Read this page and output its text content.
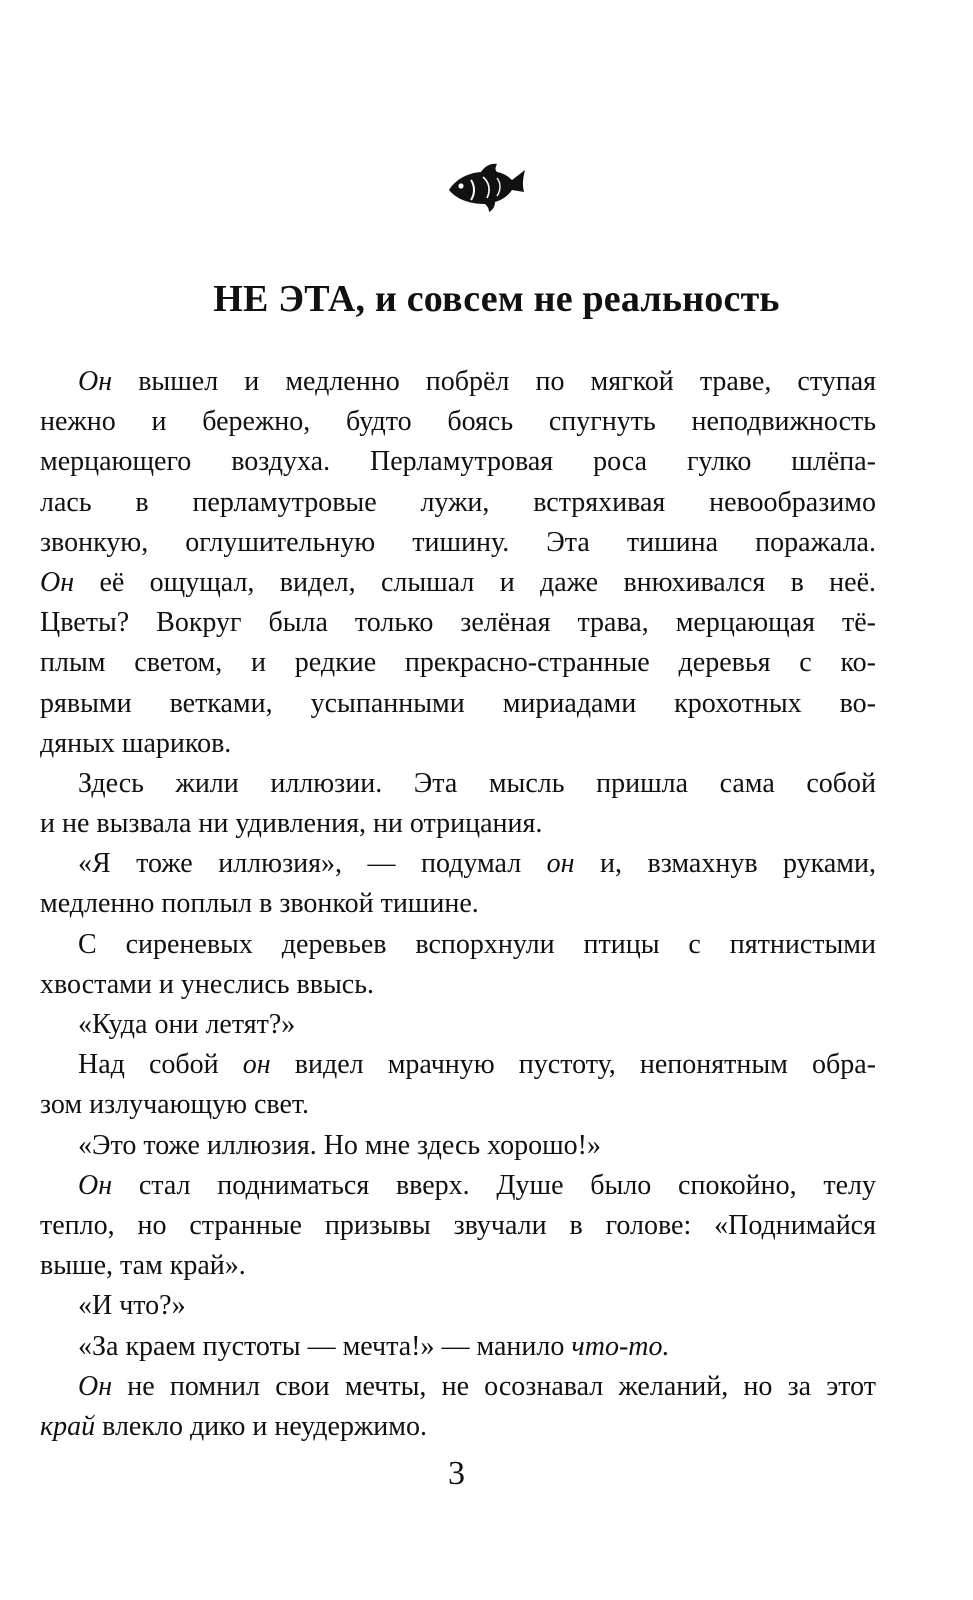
НЕ ЭТА, и совсем не реальность
Он вышел и медленно побрёл по мягкой траве, ступая
нежно и бережно, будто боясь спугнуть неподвижность
мерцающего воздуха. Перламутровая роса гулко шлёпа-
лась в перламутровые лужи, встряхивая невообразимо
звонкую, оглушительную тишину. Эта тишина поражала.
Он её ощущал, видел, слышал и даже внюхивался в неё.
Цветы? Вокруг была только зелёная трава, мерцающая тё-
плым светом, и редкие прекрасно-странные деревья с ко-
рявыми ветками, усыпанными мириадами крохотных во-
дяных шариков.
Здесь жили иллюзии. Эта мысль пришла сама собой
и не вызвала ни удивления, ни отрицания.
«Я тоже иллюзия», — подумал он и, взмахнув руками,
медленно поплыл в звонкой тишине.
С сиреневых деревьев вспорхнули птицы с пятнистыми
хвостами и унеслись ввысь.
«Куда они летят?»
Над собой он видел мрачную пустоту, непонятным обра-
зом излучающую свет.
«Это тоже иллюзия. Но мне здесь хорошо!»
Он стал подниматься вверх. Душе было спокойно, телу
тепло, но странные призывы звучали в голове: «Поднимайся
выше, там край».
«И что?»
«За краем пустоты — мечта!» — манило что-то.
Он не помнил свои мечты, не осознавал желаний, но за этот
край влекло дико и неудержимо.
3
